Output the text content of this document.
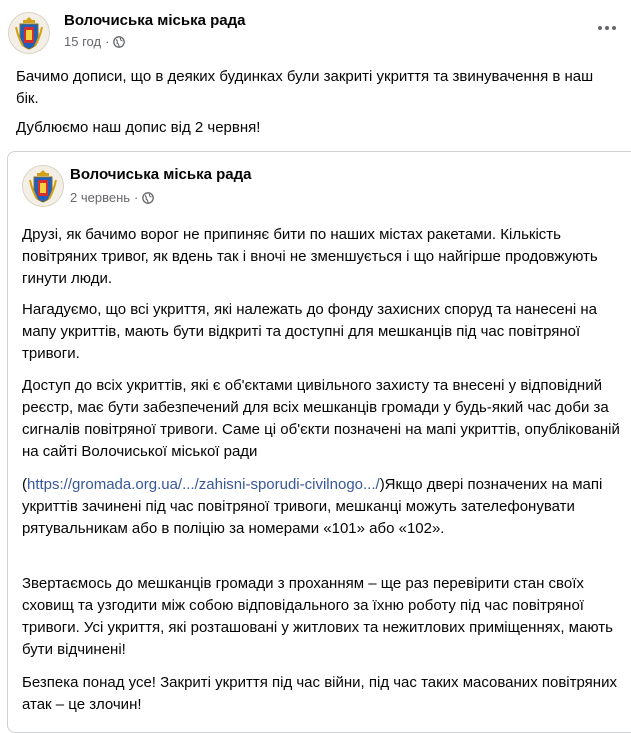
Волочиська міська рада
15 год ·

Бачимо дописи, що в деяких будинках були закриті укриття та звинувачення в наш бік.

Дублюємо наш допис від 2 червня!

Волочиська міська рада
2 червень ·

Друзі, як бачимо ворог не припиняє бити по наших містах ракетами. Кількість повітряних тривог, як вдень так і вночі не зменшується і що найгірше продовжують гинути люди.

Нагадуємо, що всі укриття, які належать до фонду захисних споруд та нанесені на мапу укриттів, мають бути відкриті та доступні для мешканців під час повітряної тривоги.

Доступ до всіх укриттів, які є об'єктами цивільного захисту та внесені у відповідний реєстр, має бути забезпечений для всіх мешканців громади у будь-який час доби за сигналів повітряної тривоги. Саме ці об'єкти позначені на мапі укриттів, опублікованій на сайті Волочиської міської ради

(https://gromada.org.ua/.../zahisni-sporudi-civilnogo.../)Якщо двері позначених на мапі укриттів зачинені під час повітряної тривоги, мешканці можуть зателефонувати рятувальникам або в поліцію за номерами «101» або «102».

Звертаємось до мешканців громади з проханням – ще раз перевірити стан своїх сховищ та узгодити між собою відповідального за їхню роботу під час повітряної тривоги. Усі укриття, які розташовані у житлових та нежитлових приміщеннях, мають бути відчинені!

Безпека понад усе! Закриті укриття під час війни, під час таких масованих повітряних атак – це злочин!
